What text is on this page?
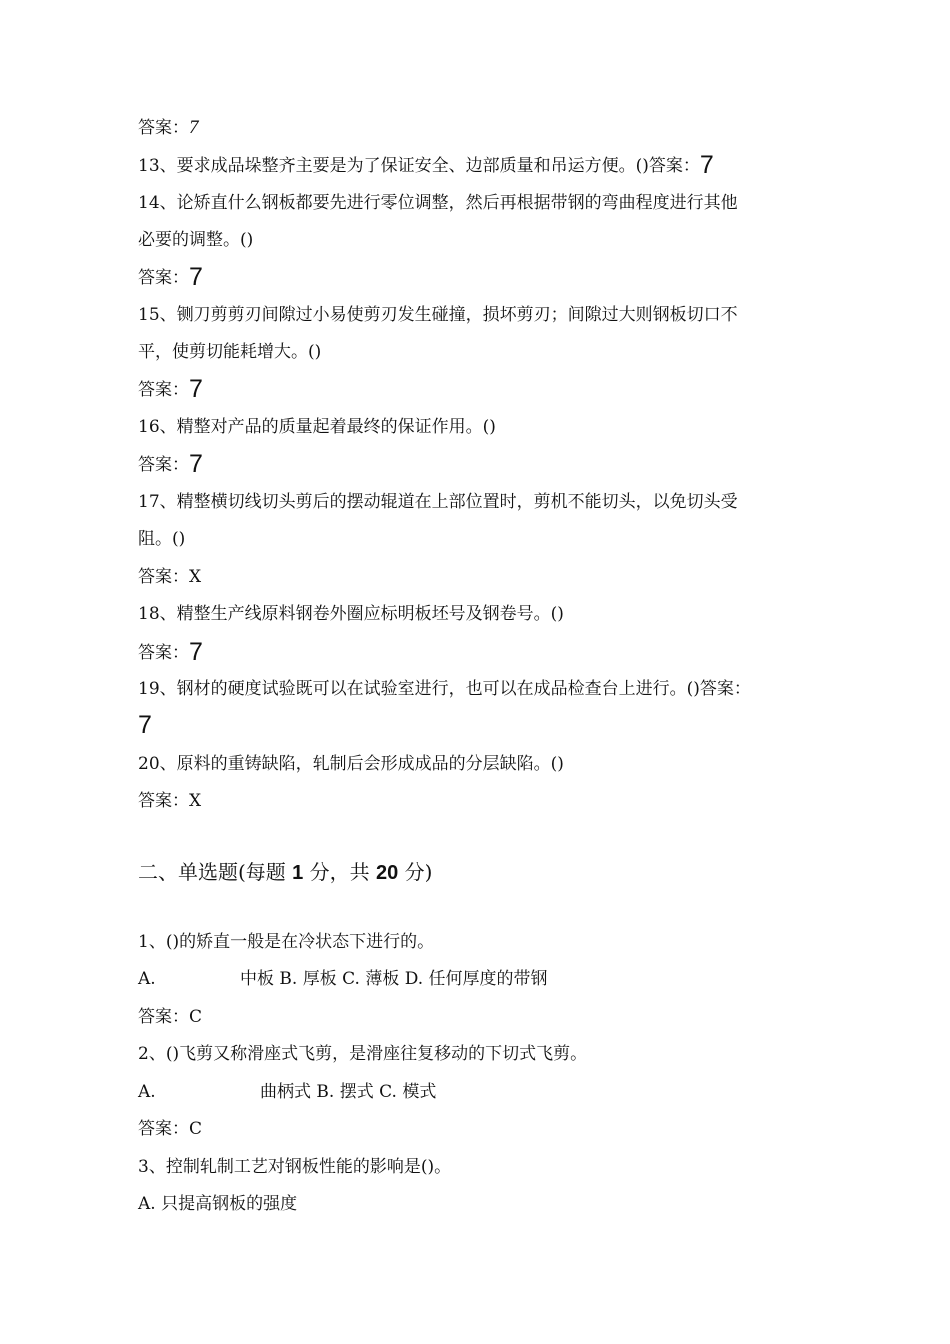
答案：7
13、要求成品垛整齐主要是为了保证安全、边部质量和吊运方便。()答案：7
14、论矫直什么钢板都要先进行零位调整，然后再根据带钢的弯曲程度进行其他
必要的调整。()
答案：7
15、铡刀剪剪刃间隙过小易使剪刃发生碰撞，损坏剪刃；间隙过大则钢板切口不
平，使剪切能耗增大。()
答案：7
16、精整对产品的质量起着最终的保证作用。()
答案：7
17、精整横切线切头剪后的摆动辊道在上部位置时，剪机不能切头，以免切头受
阻。()
答案：X
18、精整生产线原料钢卷外圈应标明板坯号及钢卷号。()
答案：7
19、钢材的硬度试验既可以在试验室进行，也可以在成品检查台上进行。()答案：
7
20、原料的重铸缺陷，轧制后会形成成品的分层缺陷。()
答案：X
二、单选题(每题 1 分，共 20 分)
1、()的矫直一般是在冷状态下进行的。
A.	中板 B. 厚板 C. 薄板 D. 任何厚度的带钢
答案：C
2、()飞剪又称滑座式飞剪，是滑座往复移动的下切式飞剪。
A.	曲柄式 B. 摆式 C. 模式
答案：C
3、控制轧制工艺对钢板性能的影响是()。
A. 只提高钢板的强度
